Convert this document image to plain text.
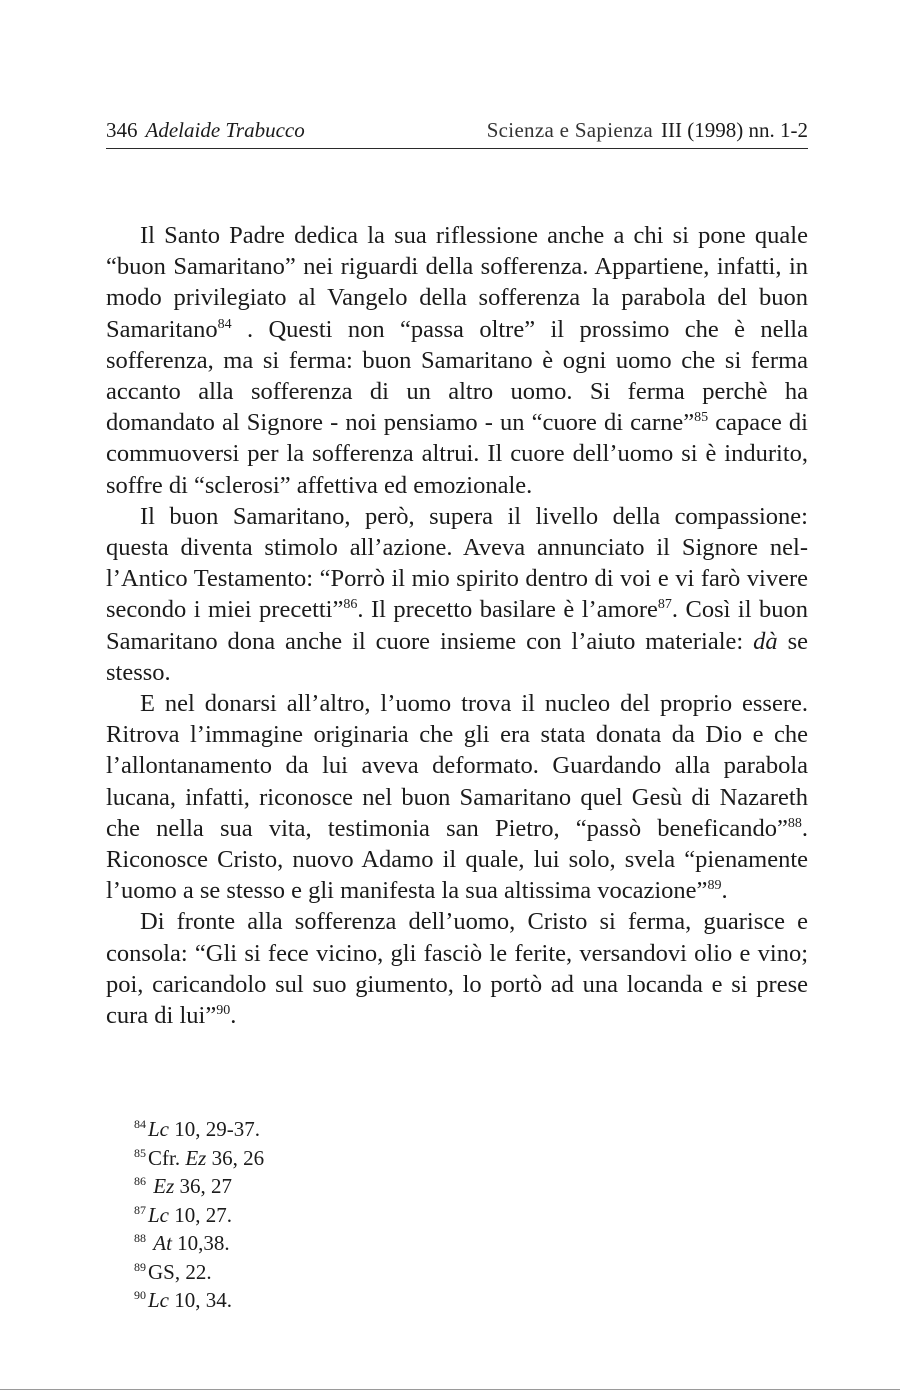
346 Adelaide Trabucco	Scienza e Sapienza III (1998) nn. 1-2

Il Santo Padre dedica la sua riflessione anche a chi si pone quale “buon Samaritano” nei riguardi della sofferenza. Appartiene, infatti, in modo privilegiato al Vangelo della sofferenza la parabola del buon Samaritano$^{84}$ . Questi non “passa oltre” il prossimo che è nella sofferenza, ma si ferma: buon Samaritano è ogni uomo che si ferma accanto alla sofferenza di un altro uomo. Si ferma perchè ha domandato al Signore - noi pensiamo - un “cuore di carne”$^{85}$ capace di commuoversi per la sofferenza altrui. Il cuore dell’uomo si è indurito, soffre di “sclerosi” affettiva ed emozionale.

Il buon Samaritano, però, supera il livello della compassione: questa diventa stimolo all’azione. Aveva annunciato il Signore nell’Antico Testamento: “Porrò il mio spirito dentro di voi e vi farò vivere secondo i miei precetti”$^{86}$. Il precetto basilare è l’amore$^{87}$. Così il buon Samaritano dona anche il cuore insieme con l’aiuto materiale: dà se stesso.

E nel donarsi all’altro, l’uomo trova il nucleo del proprio essere. Ritrova l’immagine originaria che gli era stata donata da Dio e che l’allontanamento da lui aveva deformato. Guardando alla parabola lucana, infatti, riconosce nel buon Samaritano quel Gesù di Nazareth che nella sua vita, testimonia san Pietro, “passò beneficando”$^{88}$. Riconosce Cristo, nuovo Adamo il quale, lui solo, svela “pienamente l’uomo a se stesso e gli manifesta la sua altissima vocazione”$^{89}$.

Di fronte alla sofferenza dell’uomo, Cristo si ferma, guarisce e consola: “Gli si fece vicino, gli fasciò le ferite, versandovi olio e vino; poi, caricandolo sul suo giumento, lo portò ad una locanda e si prese cura di lui”$^{90}$.

$^{84}$Lc 10, 29-37.
$^{85}$Cfr. Ez 36, 26
$^{86}$ Ez 36, 27
$^{87}$Lc 10, 27.
$^{88}$ At 10,38.
$^{89}$GS, 22.
$^{90}$Lc 10, 34.
